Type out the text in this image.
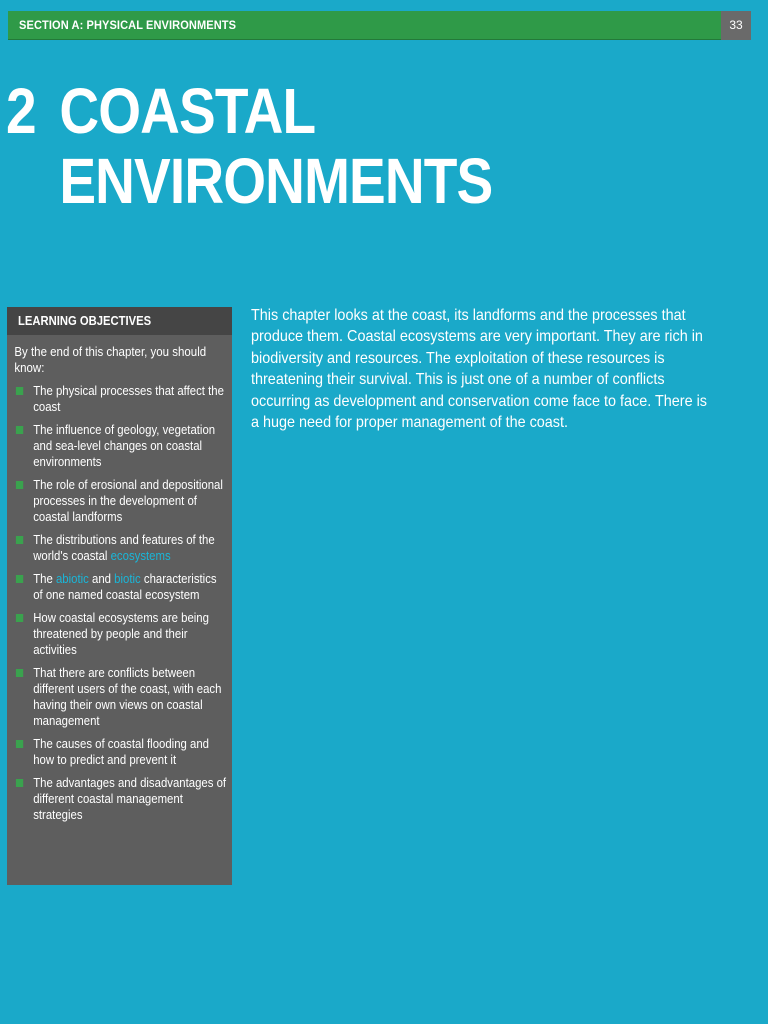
SECTION A: PHYSICAL ENVIRONMENTS	33
2 COASTAL
ENVIRONMENTS
LEARNING OBJECTIVES

By the end of this chapter, you should know:

The physical processes that affect the coast
The influence of geology, vegetation and sea-level changes on coastal environments
The role of erosional and depositional processes in the development of coastal landforms
The distributions and features of the world's coastal ecosystems
The abiotic and biotic characteristics of one named coastal ecosystem
How coastal ecosystems are being threatened by people and their activities
That there are conflicts between different users of the coast, with each having their own views on coastal management
The causes of coastal flooding and how to predict and prevent it
The advantages and disadvantages of different coastal management strategies

This chapter looks at the coast, its landforms and the processes that produce them. Coastal ecosystems are very important. They are rich in biodiversity and resources. The exploitation of these resources is threatening their survival. This is just one of a number of conflicts occurring as development and conservation come face to face. There is a huge need for proper management of the coast.
